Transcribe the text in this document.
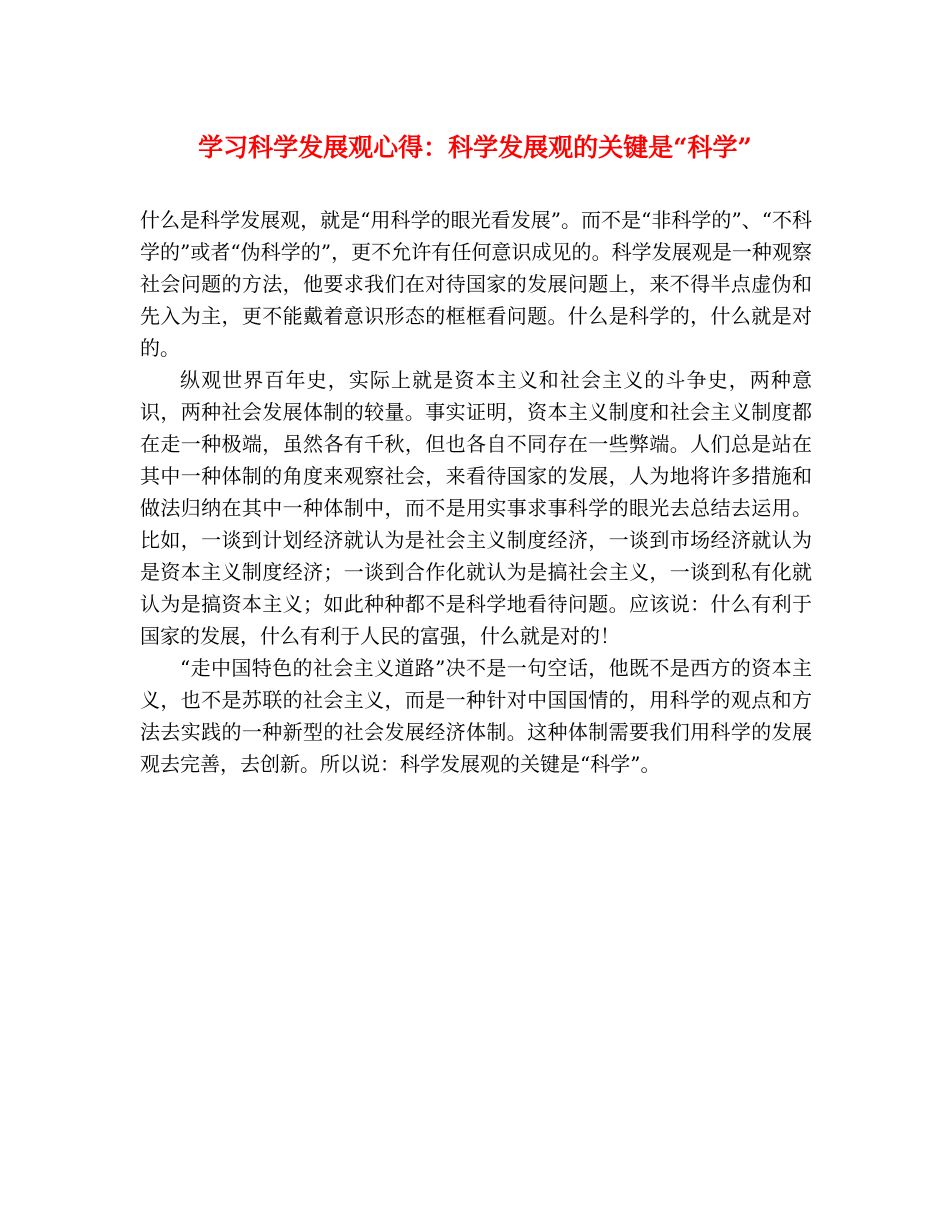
学习科学发展观心得：科学发展观的关键是“科学”

什么是科学发展观，就是“用科学的眼光看发展”。而不是“非科学的”、“不科学的”或者“伪科学的”，更不允许有任何意识成见的。科学发展观是一种观察社会问题的方法，他要求我们在对待国家的发展问题上，来不得半点虚伪和先入为主，更不能戴着意识形态的框框看问题。什么是科学的，什么就是对的。

纵观世界百年史，实际上就是资本主义和社会主义的斗争史，两种意识，两种社会发展体制的较量。事实证明，资本主义制度和社会主义制度都在走一种极端，虽然各有千秋，但也各自不同存在一些弊端。人们总是站在其中一种体制的角度来观察社会，来看待国家的发展，人为地将许多措施和做法归纳在其中一种体制中，而不是用实事求事科学的眼光去总结去运用。比如，一谈到计划经济就认为是社会主义制度经济，一谈到市场经济就认为是资本主义制度经济；一谈到合作化就认为是搞社会主义，一谈到私有化就认为是搞资本主义；如此种种都不是科学地看待问题。应该说：什么有利于国家的发展，什么有利于人民的富强，什么就是对的！

“走中国特色的社会主义道路”决不是一句空话，他既不是西方的资本主义，也不是苏联的社会主义，而是一种针对中国国情的，用科学的观点和方法去实践的一种新型的社会发展经济体制。这种体制需要我们用科学的发展观去完善，去创新。所以说：科学发展观的关键是“科学”。
